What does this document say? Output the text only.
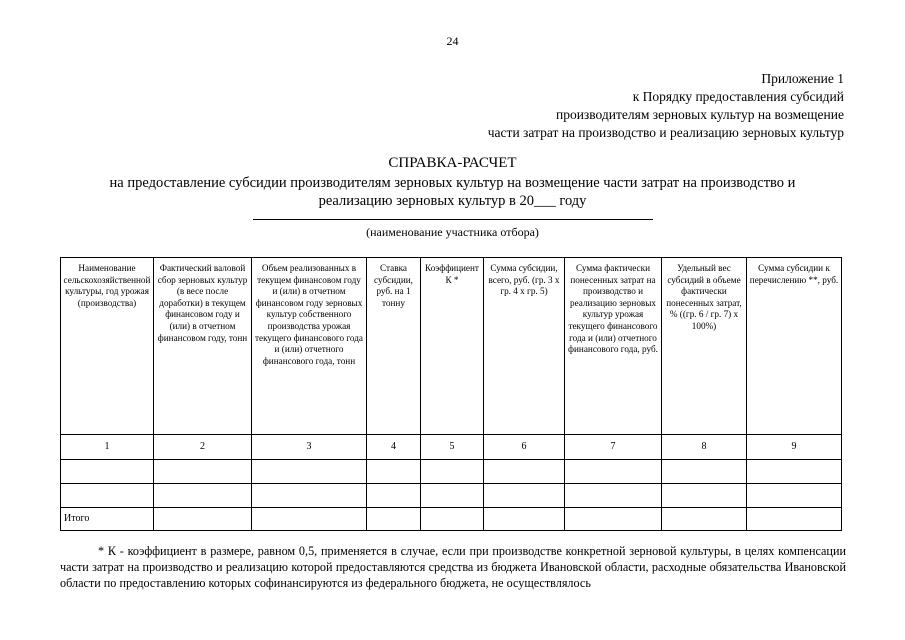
24
Приложение 1
к Порядку предоставления субсидий
производителям зерновых культур на возмещение
части затрат на производство и реализацию зерновых культур
СПРАВКА-РАСЧЕТ
на предоставление субсидии производителям зерновых культур на возмещение части затрат на производство и реализацию зерновых культур в 20___ году
(наименование участника отбора)
Наименование сельскохозяйственной культуры, год урожая (производства)	Фактический валовой сбор зерновых культур (в весе после доработки) в текущем финансовом году и (или) в отчетном финансовом году, тонн	Объем реализованных в текущем финансовом году и (или) в отчетном финансовом году зерновых культур собственного производства урожая текущего финансового года и (или) отчетного финансового года, тонн	Ставка субсидии, руб. на 1 тонну	Коэффициент К *	Сумма субсидии, всего, руб. (гр. 3 x гр. 4 x гр. 5)	Сумма фактически понесенных затрат на производство и реализацию зерновых культур урожая текущего финансового года и (или) отчетного финансового года, руб.	Удельный вес субсидий в объеме фактически понесенных затрат, % ((гр. 6 / гр. 7) x 100%)	Сумма субсидии к перечислению **, руб.
1	2	3	4	5	6	7	8	9

Итого								
* К - коэффициент в размере, равном 0,5, применяется в случае, если при производстве конкретной зерновой культуры, в целях компенсации части затрат на производство и реализацию которой предоставляются средства из бюджета Ивановской области, расходные обязательства Ивановской области по предоставлению которых софинансируются из федерального бюджета, не осуществлялось
